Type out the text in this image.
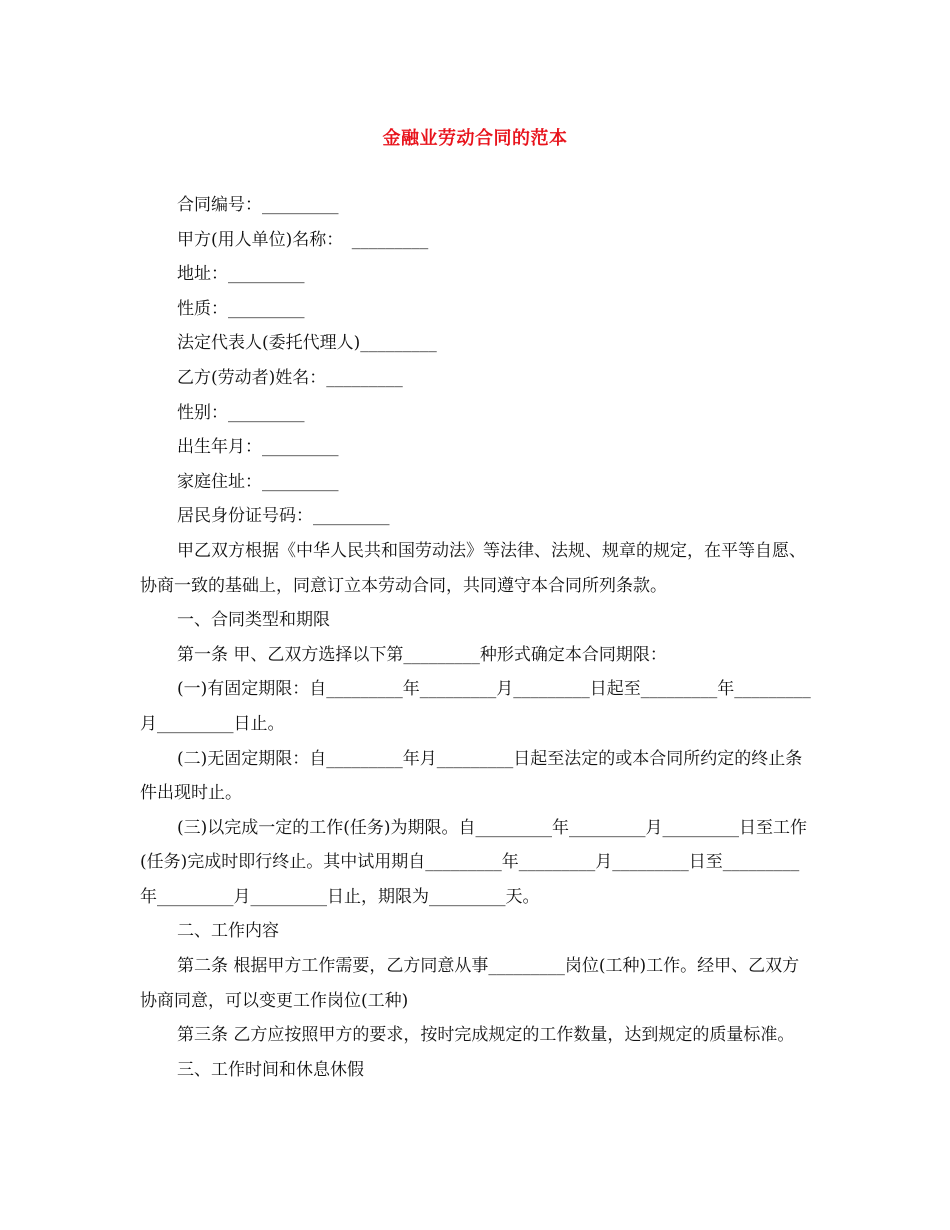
金融业劳动合同的范本

合同编号：_________

甲方(用人单位)名称：　_________

地址：_________

性质：_________

法定代表人(委托代理人)_________

乙方(劳动者)姓名：_________

性别：_________

出生年月：_________

家庭住址：_________

居民身份证号码：_________

甲乙双方根据《中华人民共和国劳动法》等法律、法规、规章的规定，在平等自愿、协商一致的基础上，同意订立本劳动合同，共同遵守本合同所列条款。

一、合同类型和期限

第一条 甲、乙双方选择以下第_________种形式确定本合同期限：

(一)有固定期限：自_________年_________月_________日起至_________年_________月_________日止。

(二)无固定期限：自_________年月_________日起至法定的或本合同所约定的终止条件出现时止。

(三)以完成一定的工作(任务)为期限。自_________年_________月_________日至工作(任务)完成时即行终止。其中试用期自_________年_________月_________日至_________年_________月_________日止，期限为_________天。

二、工作内容

第二条 根据甲方工作需要，乙方同意从事_________岗位(工种)工作。经甲、乙双方协商同意，可以变更工作岗位(工种)

第三条 乙方应按照甲方的要求，按时完成规定的工作数量，达到规定的质量标准。

三、工作时间和休息休假
